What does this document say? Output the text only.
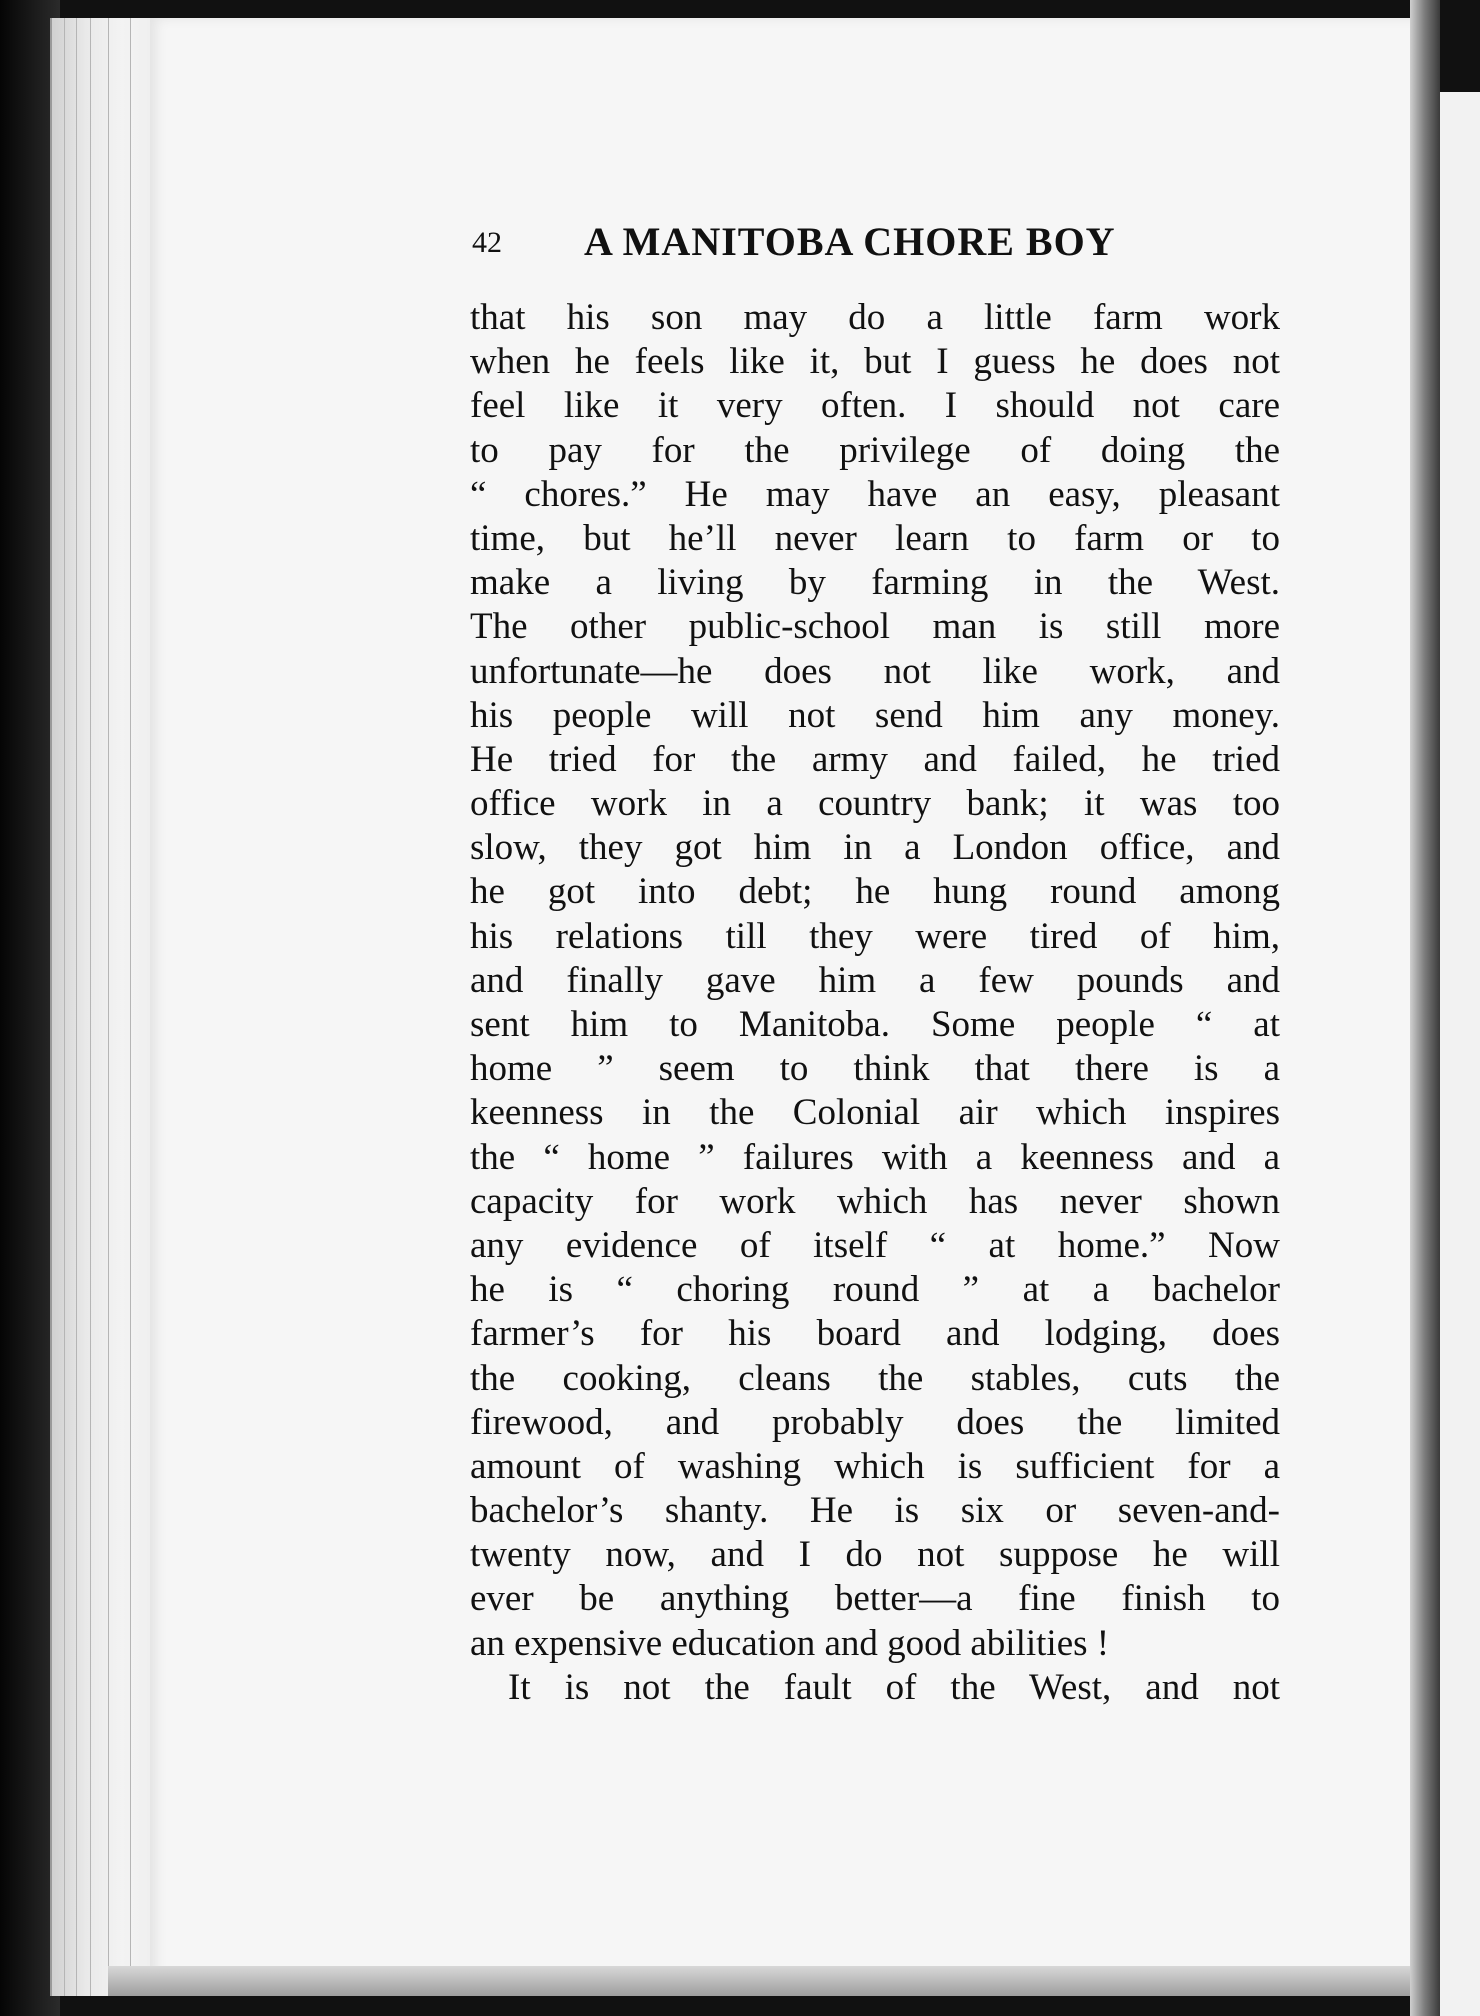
42 A MANITOBA CHORE BOY
that his son may do a little farm work
when he feels like it, but I guess he does not
feel like it very often. I should not care
to pay for the privilege of doing the
“ chores.” He may have an easy, pleasant
time, but he’ll never learn to farm or to
make a living by farming in the West.
The other public-school man is still more
unfortunate—he does not like work, and
his people will not send him any money.
He tried for the army and failed, he tried
office work in a country bank; it was too
slow, they got him in a London office, and
he got into debt; he hung round among
his relations till they were tired of him,
and finally gave him a few pounds and
sent him to Manitoba. Some people “ at
home ” seem to think that there is a
keenness in the Colonial air which inspires
the “ home ” failures with a keenness and a
capacity for work which has never shown
any evidence of itself “ at home.” Now
he is “ choring round ” at a bachelor
farmer’s for his board and lodging, does
the cooking, cleans the stables, cuts the
firewood, and probably does the limited
amount of washing which is sufficient for a
bachelor’s shanty. He is six or seven-and-
twenty now, and I do not suppose he will
ever be anything better—a fine finish to
an expensive education and good abilities !
It is not the fault of the West, and not
